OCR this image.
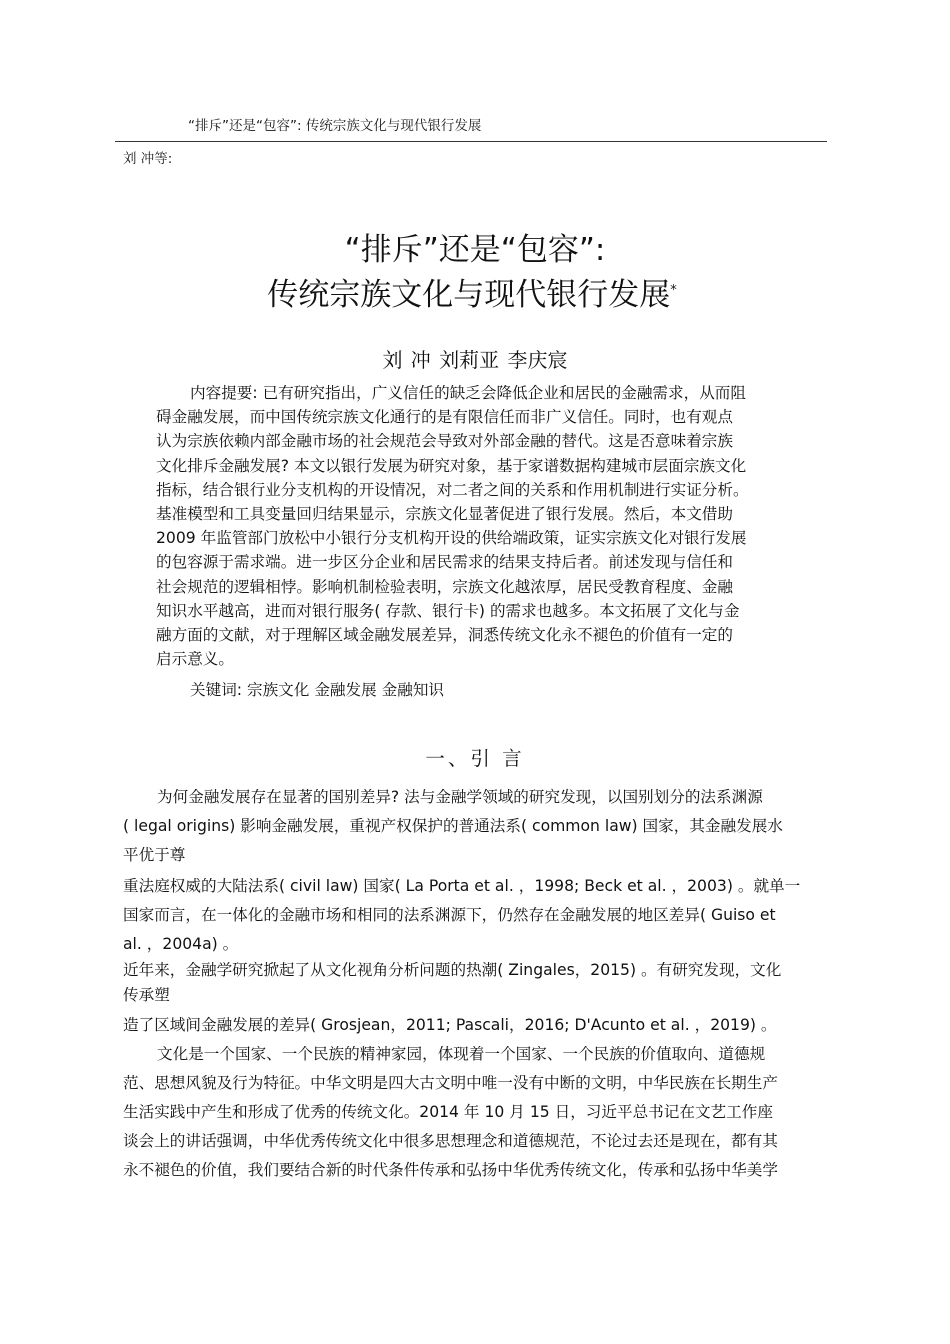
“排斥”还是“包容”: 传统宗族文化与现代银行发展
刘 冲等:
“排斥”还是“包容”:
传统宗族文化与现代银行发展*
刘 冲 刘莉亚 李庆宸
内容提要: 已有研究指出，广义信任的缺乏会降低企业和居民的金融需求，从而阻
碍金融发展，而中国传统宗族文化通行的是有限信任而非广义信任。同时，也有观点
认为宗族依赖内部金融市场的社会规范会导致对外部金融的替代。这是否意味着宗族
文化排斥金融发展? 本文以银行发展为研究对象，基于家谱数据构建城市层面宗族文化
指标，结合银行业分支机构的开设情况，对二者之间的关系和作用机制进行实证分析。
基准模型和工具变量回归结果显示，宗族文化显著促进了银行发展。然后，本文借助
2009 年监管部门放松中小银行分支机构开设的供给端政策，证实宗族文化对银行发展
的包容源于需求端。进一步区分企业和居民需求的结果支持后者。前述发现与信任和
社会规范的逻辑相悖。影响机制检验表明，宗族文化越浓厚，居民受教育程度、金融
知识水平越高，进而对银行服务( 存款、银行卡) 的需求也越多。本文拓展了文化与金
融方面的文献，对于理解区域金融发展差异，洞悉传统文化永不褪色的价值有一定的
启示意义。
关键词: 宗族文化 金融发展 金融知识
一、引 言
为何金融发展存在显著的国别差异? 法与金融学领域的研究发现，以国别划分的法系渊源
( legal origins) 影响金融发展，重视产权保护的普通法系( common law) 国家，其金融发展水
平优于尊
重法庭权威的大陆法系( civil law) 国家( La Porta et al. ，1998; Beck et al. ，2003) 。就单一
国家而言，在一体化的金融市场和相同的法系渊源下，仍然存在金融发展的地区差异( Guiso et
al. ，2004a) 。
近年来，金融学研究掀起了从文化视角分析问题的热潮( Zingales，2015) 。有研究发现，文化
传承塑
造了区域间金融发展的差异( Grosjean，2011; Pascali，2016; D'Acunto et al. ，2019) 。
文化是一个国家、一个民族的精神家园，体现着一个国家、一个民族的价值取向、道德规
范、思想风貌及行为特征。中华文明是四大古文明中唯一没有中断的文明，中华民族在长期生产
生活实践中产生和形成了优秀的传统文化。2014 年 10 月 15 日，习近平总书记在文艺工作座
谈会上的讲话强调，中华优秀传统文化中很多思想理念和道德规范，不论过去还是现在，都有其
永不褪色的价值，我们要结合新的时代条件传承和弘扬中华优秀传统文化，传承和弘扬中华美学
